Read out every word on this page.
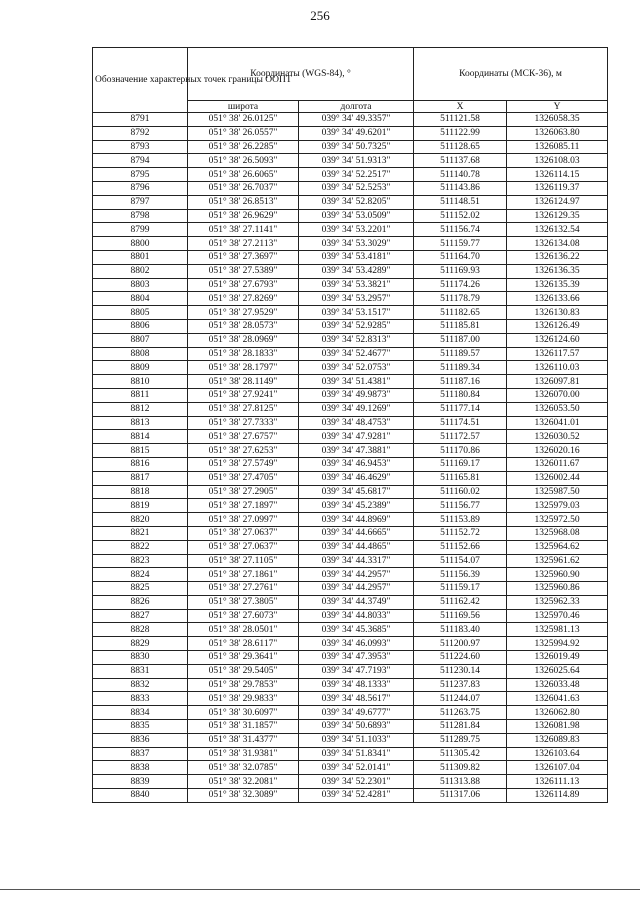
256
Обозначение характерных точек границы ООПТ	Координаты (WGS-84), °		Координаты (МСК-36), м	
	широта	долгота	X	Y
8791	051° 38' 26.0125"	039° 34' 49.3357"	511121.58	1326058.35
8792	051° 38' 26.0557"	039° 34' 49.6201"	511122.99	1326063.80
8793	051° 38' 26.2285"	039° 34' 50.7325"	511128.65	1326085.11
8794	051° 38' 26.5093"	039° 34' 51.9313"	511137.68	1326108.03
8795	051° 38' 26.6065"	039° 34' 52.2517"	511140.78	1326114.15
8796	051° 38' 26.7037"	039° 34' 52.5253"	511143.86	1326119.37
8797	051° 38' 26.8513"	039° 34' 52.8205"	511148.51	1326124.97
8798	051° 38' 26.9629"	039° 34' 53.0509"	511152.02	1326129.35
8799	051° 38' 27.1141"	039° 34' 53.2201"	511156.74	1326132.54
8800	051° 38' 27.2113"	039° 34' 53.3029"	511159.77	1326134.08
8801	051° 38' 27.3697"	039° 34' 53.4181"	511164.70	1326136.22
8802	051° 38' 27.5389"	039° 34' 53.4289"	511169.93	1326136.35
8803	051° 38' 27.6793"	039° 34' 53.3821"	511174.26	1326135.39
8804	051° 38' 27.8269"	039° 34' 53.2957"	511178.79	1326133.66
8805	051° 38' 27.9529"	039° 34' 53.1517"	511182.65	1326130.83
8806	051° 38' 28.0573"	039° 34' 52.9285"	511185.81	1326126.49
8807	051° 38' 28.0969"	039° 34' 52.8313"	511187.00	1326124.60
8808	051° 38' 28.1833"	039° 34' 52.4677"	511189.57	1326117.57
8809	051° 38' 28.1797"	039° 34' 52.0753"	511189.34	1326110.03
8810	051° 38' 28.1149"	039° 34' 51.4381"	511187.16	1326097.81
8811	051° 38' 27.9241"	039° 34' 49.9873"	511180.84	1326070.00
8812	051° 38' 27.8125"	039° 34' 49.1269"	511177.14	1326053.50
8813	051° 38' 27.7333"	039° 34' 48.4753"	511174.51	1326041.01
8814	051° 38' 27.6757"	039° 34' 47.9281"	511172.57	1326030.52
8815	051° 38' 27.6253"	039° 34' 47.3881"	511170.86	1326020.16
8816	051° 38' 27.5749"	039° 34' 46.9453"	511169.17	1326011.67
8817	051° 38' 27.4705"	039° 34' 46.4629"	511165.81	1326002.44
8818	051° 38' 27.2905"	039° 34' 45.6817"	511160.02	1325987.50
8819	051° 38' 27.1897"	039° 34' 45.2389"	511156.77	1325979.03
8820	051° 38' 27.0997"	039° 34' 44.8969"	511153.89	1325972.50
8821	051° 38' 27.0637"	039° 34' 44.6665"	511152.72	1325968.08
8822	051° 38' 27.0637"	039° 34' 44.4865"	511152.66	1325964.62
8823	051° 38' 27.1105"	039° 34' 44.3317"	511154.07	1325961.62
8824	051° 38' 27.1861"	039° 34' 44.2957"	511156.39	1325960.90
8825	051° 38' 27.2761"	039° 34' 44.2957"	511159.17	1325960.86
8826	051° 38' 27.3805"	039° 34' 44.3749"	511162.42	1325962.33
8827	051° 38' 27.6073"	039° 34' 44.8033"	511169.56	1325970.46
8828	051° 38' 28.0501"	039° 34' 45.3685"	511183.40	1325981.13
8829	051° 38' 28.6117"	039° 34' 46.0993"	511200.97	1325994.92
8830	051° 38' 29.3641"	039° 34' 47.3953"	511224.60	1326019.49
8831	051° 38' 29.5405"	039° 34' 47.7193"	511230.14	1326025.64
8832	051° 38' 29.7853"	039° 34' 48.1333"	511237.83	1326033.48
8833	051° 38' 29.9833"	039° 34' 48.5617"	511244.07	1326041.63
8834	051° 38' 30.6097"	039° 34' 49.6777"	511263.75	1326062.80
8835	051° 38' 31.1857"	039° 34' 50.6893"	511281.84	1326081.98
8836	051° 38' 31.4377"	039° 34' 51.1033"	511289.75	1326089.83
8837	051° 38' 31.9381"	039° 34' 51.8341"	511305.42	1326103.64
8838	051° 38' 32.0785"	039° 34' 52.0141"	511309.82	1326107.04
8839	051° 38' 32.2081"	039° 34' 52.2301"	511313.88	1326111.13
8840	051° 38' 32.3089"	039° 34' 52.4281"	511317.06	1326114.89
